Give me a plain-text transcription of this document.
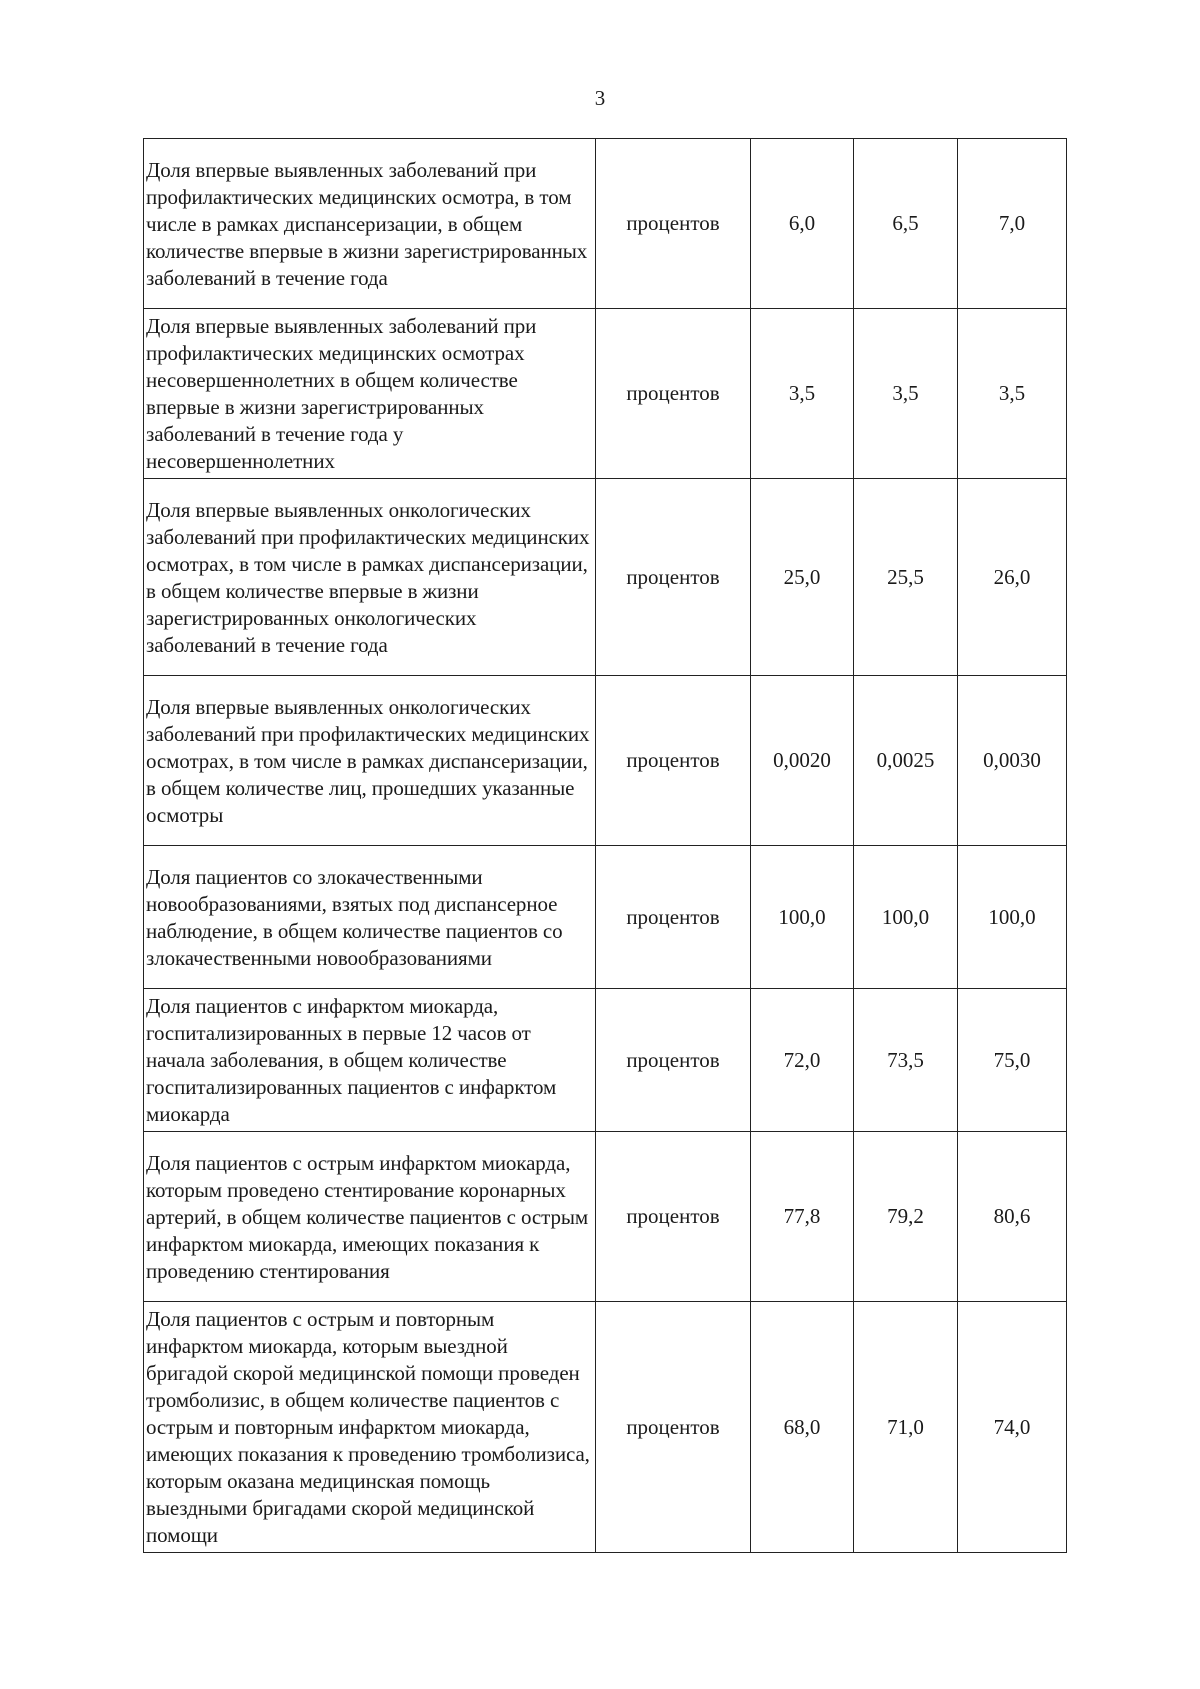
3
Доля впервые выявленных заболеваний при профилактических медицинских осмотра, в том числе в рамках диспансеризации, в общем количестве впервые в жизни зарегистрированных заболеваний в течение года	процентов	6,0	6,5	7,0
Доля впервые выявленных заболеваний при профилактических медицинских осмотрах несовершеннолетних в общем количестве впервые в жизни зарегистрированных заболеваний в течение года у несовершеннолетних	процентов	3,5	3,5	3,5
Доля впервые выявленных онкологических заболеваний при профилактических медицинских осмотрах, в том числе в рамках диспансеризации, в общем количестве впервые в жизни зарегистрированных онкологических заболеваний в течение года	процентов	25,0	25,5	26,0
Доля впервые выявленных онкологических заболеваний при профилактических медицинских осмотрах, в том числе в рамках диспансеризации, в общем количестве лиц, прошедших указанные осмотры	процентов	0,0020	0,0025	0,0030
Доля пациентов со злокачественными новообразованиями, взятых под диспансерное наблюдение, в общем количестве пациентов со злокачественными новообразованиями	процентов	100,0	100,0	100,0
Доля пациентов с инфарктом миокарда, госпитализированных в первые 12 часов от начала заболевания, в общем количестве госпитализированных пациентов с инфарктом миокарда	процентов	72,0	73,5	75,0
Доля пациентов с острым инфарктом миокарда, которым проведено стентирование коронарных артерий, в общем количестве пациентов с острым инфарктом миокарда, имеющих показания к проведению стентирования	процентов	77,8	79,2	80,6
Доля пациентов с острым и повторным инфарктом миокарда, которым выездной бригадой скорой медицинской помощи проведен тромболизис, в общем количестве пациентов с острым и повторным инфарктом миокарда, имеющих показания к проведению тромболизиса, которым оказана медицинская помощь выездными бригадами скорой медицинской помощи	процентов	68,0	71,0	74,0
